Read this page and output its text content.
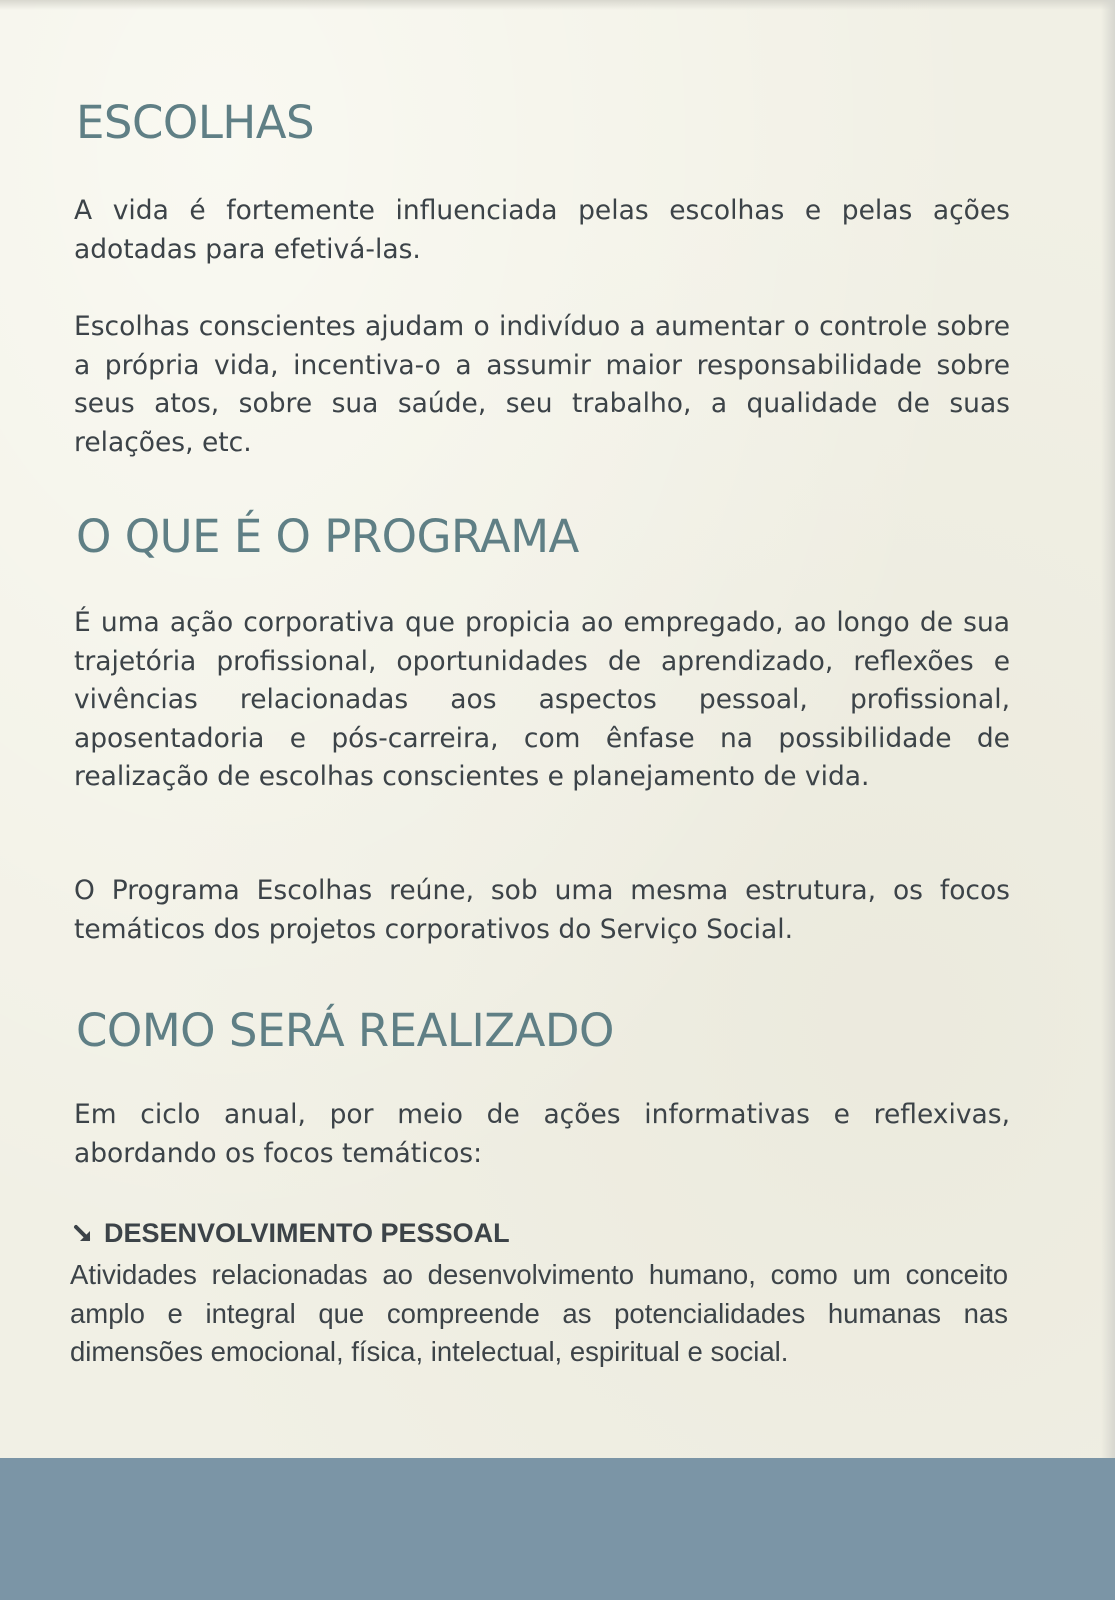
ESCOLHAS

A vida é fortemente influenciada pelas escolhas e pelas ações adotadas para efetivá-las.

Escolhas conscientes ajudam o indivíduo a aumentar o controle sobre a própria vida, incentiva-o a assumir maior responsabilidade sobre seus atos, sobre sua saúde, seu trabalho, a qualidade de suas relações, etc.

O QUE É O PROGRAMA

É uma ação corporativa que propicia ao empregado, ao longo de sua trajetória profissional, oportunidades de aprendizado, reflexões e vivências relacionadas aos aspectos pessoal, profissional, aposentadoria e pós-carreira, com ênfase na possibilidade de realização de escolhas conscientes e planejamento de vida.

O Programa Escolhas reúne, sob uma mesma estrutura, os focos temáticos dos projetos corporativos do Serviço Social.

COMO SERÁ REALIZADO

Em ciclo anual, por meio de ações informativas e reflexivas, abordando os focos temáticos:

DESENVOLVIMENTO PESSOAL

Atividades relacionadas ao desenvolvimento humano, como um conceito amplo e integral que compreende as potencialidades humanas nas dimensões emocional, física, intelectual, espiritual e social.
